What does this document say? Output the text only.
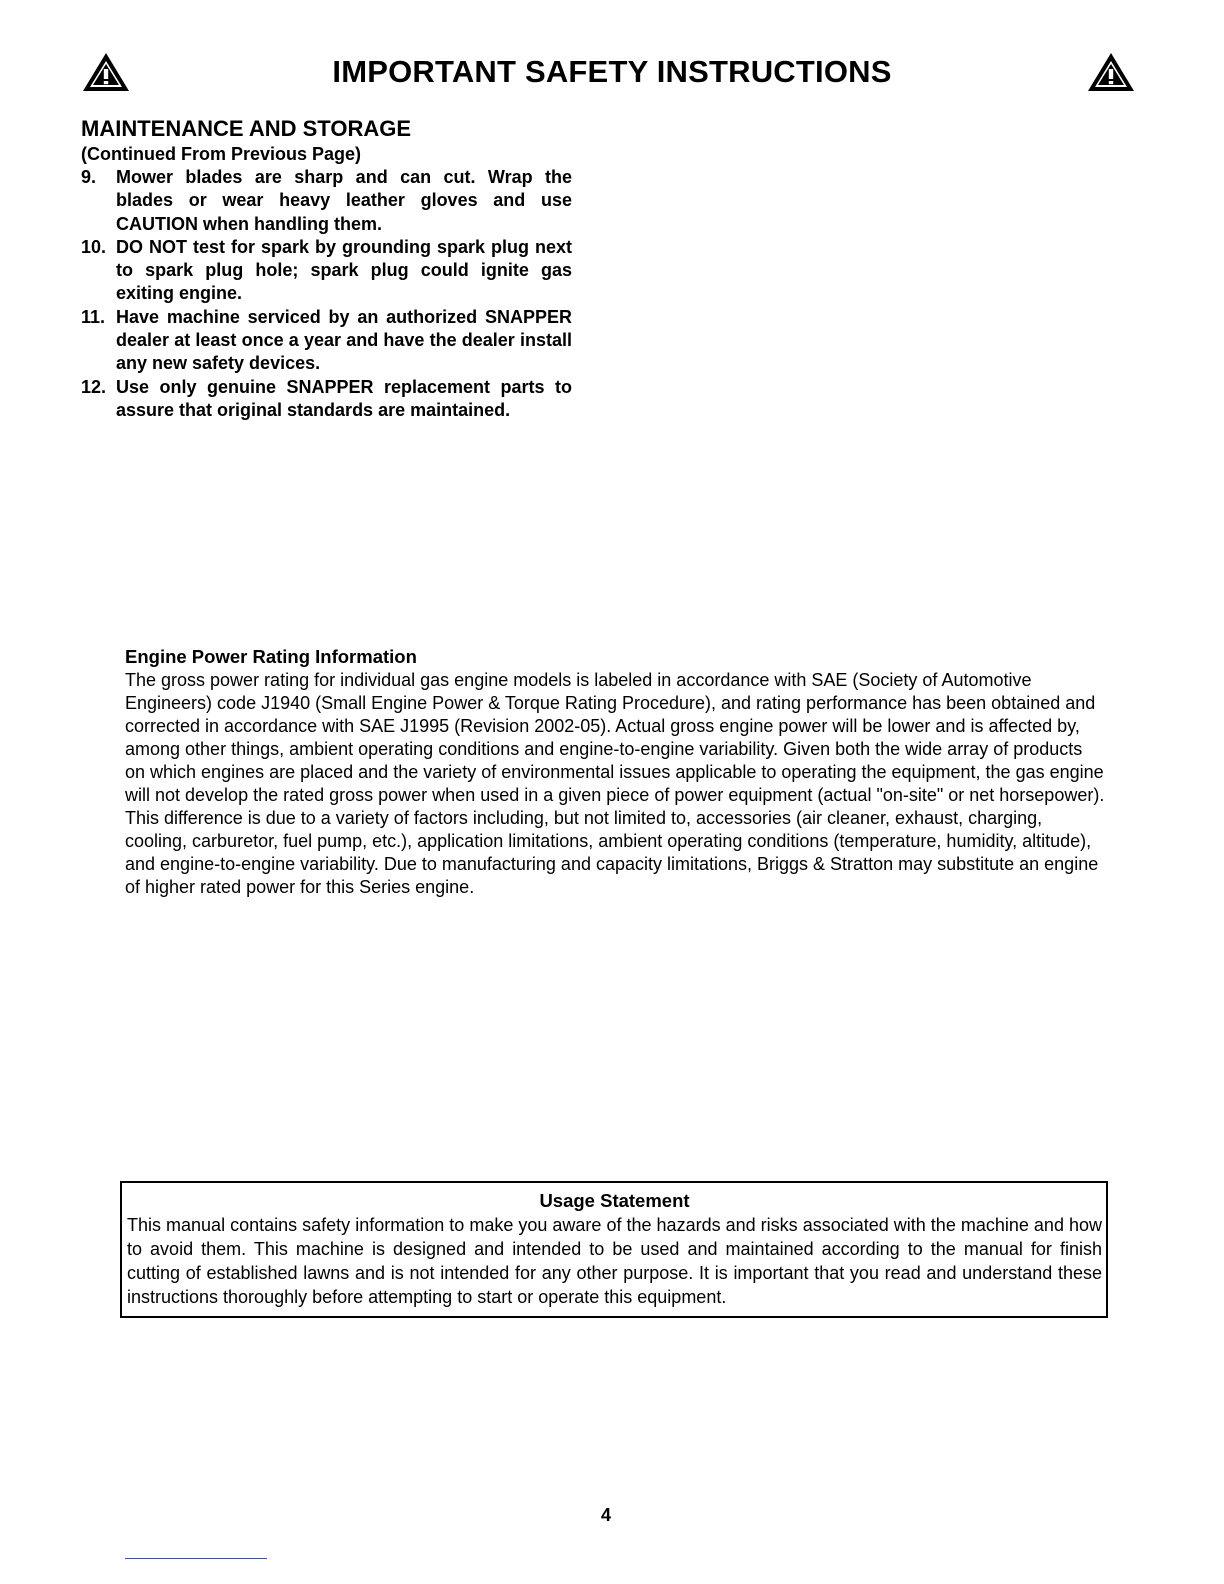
IMPORTANT SAFETY INSTRUCTIONS
MAINTENANCE AND STORAGE
(Continued From Previous Page)
9. Mower blades are sharp and can cut. Wrap the blades or wear heavy leather gloves and use CAUTION when handling them.
10. DO NOT test for spark by grounding spark plug next to spark plug hole; spark plug could ignite gas exiting engine.
11. Have machine serviced by an authorized SNAPPER dealer at least once a year and have the dealer install any new safety devices.
12. Use only genuine SNAPPER replacement parts to assure that original standards are maintained.
Engine Power Rating Information
The gross power rating for individual gas engine models is labeled in accordance with SAE (Society of Automotive Engineers) code J1940 (Small Engine Power & Torque Rating Procedure), and rating performance has been obtained and corrected in accordance with SAE J1995 (Revision 2002-05). Actual gross engine power will be lower and is affected by, among other things, ambient operating conditions and engine-to-engine variability. Given both the wide array of products on which engines are placed and the variety of environmental issues applicable to operating the equipment, the gas engine will not develop the rated gross power when used in a given piece of power equipment (actual "on-site" or net horsepower). This difference is due to a variety of factors including, but not limited to, accessories (air cleaner, exhaust, charging, cooling, carburetor, fuel pump, etc.), application limitations, ambient operating conditions (temperature, humidity, altitude), and engine-to-engine variability. Due to manufacturing and capacity limitations, Briggs & Stratton may substitute an engine of higher rated power for this Series engine.
Usage Statement
This manual contains safety information to make you aware of the hazards and risks associated with the machine and how to avoid them. This machine is designed and intended to be used and maintained according to the manual for finish cutting of established lawns and is not intended for any other purpose. It is important that you read and understand these instructions thoroughly before attempting to start or operate this equipment.
4
